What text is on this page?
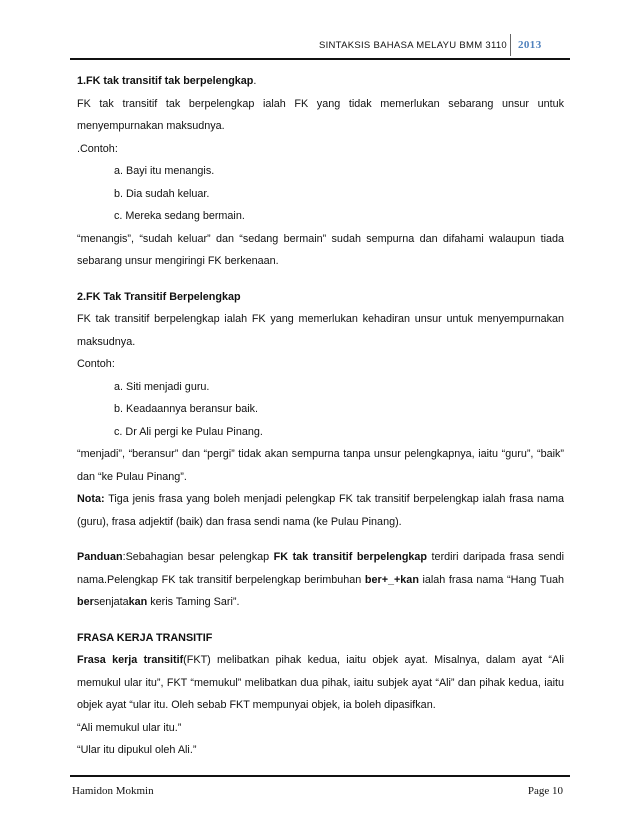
SINTAKSIS BAHASA MELAYU BMM 3110 2013

1.FK tak transitif tak berpelengkap.

FK tak transitif tak berpelengkap ialah FK yang tidak memerlukan sebarang unsur untuk menyempurnakan maksudnya.

.Contoh:

a. Bayi itu menangis.

b. Dia sudah keluar.

c. Mereka sedang bermain.

“menangis”, “sudah keluar” dan “sedang bermain” sudah sempurna dan difahami walaupun tiada sebarang unsur mengiringi FK berkenaan.

2.FK Tak Transitif Berpelengkap

FK tak transitif berpelengkap ialah FK yang memerlukan kehadiran unsur untuk menyempurnakan maksudnya.

Contoh:

a. Siti menjadi guru.

b. Keadaannya beransur baik.

c. Dr Ali pergi ke Pulau Pinang.

“menjadi”, “beransur” dan “pergi” tidak akan sempurna tanpa unsur pelengkapnya, iaitu “guru”, “baik” dan “ke Pulau Pinang”.

Nota: Tiga jenis frasa yang boleh menjadi pelengkap FK tak transitif berpelengkap ialah frasa nama (guru), frasa adjektif (baik) dan frasa sendi nama (ke Pulau Pinang).

Panduan:Sebahagian besar pelengkap FK tak transitif berpelengkap terdiri daripada frasa sendi nama.Pelengkap FK tak transitif berpelengkap berimbuhan ber+_+kan ialah frasa nama “Hang Tuah bersenjatakan keris Taming Sari”.

FRASA KERJA TRANSITIF

Frasa kerja transitif(FKT) melibatkan pihak kedua, iaitu objek ayat. Misalnya, dalam ayat “Ali memukul ular itu”, FKT “memukul” melibatkan dua pihak, iaitu subjek ayat “Ali” dan pihak kedua, iaitu objek ayat “ular itu. Oleh sebab FKT mempunyai objek, ia boleh dipasifkan.

“Ali memukul ular itu.”

“Ular itu dipukul oleh Ali.”

Hamidon Mokmin	Page 10
